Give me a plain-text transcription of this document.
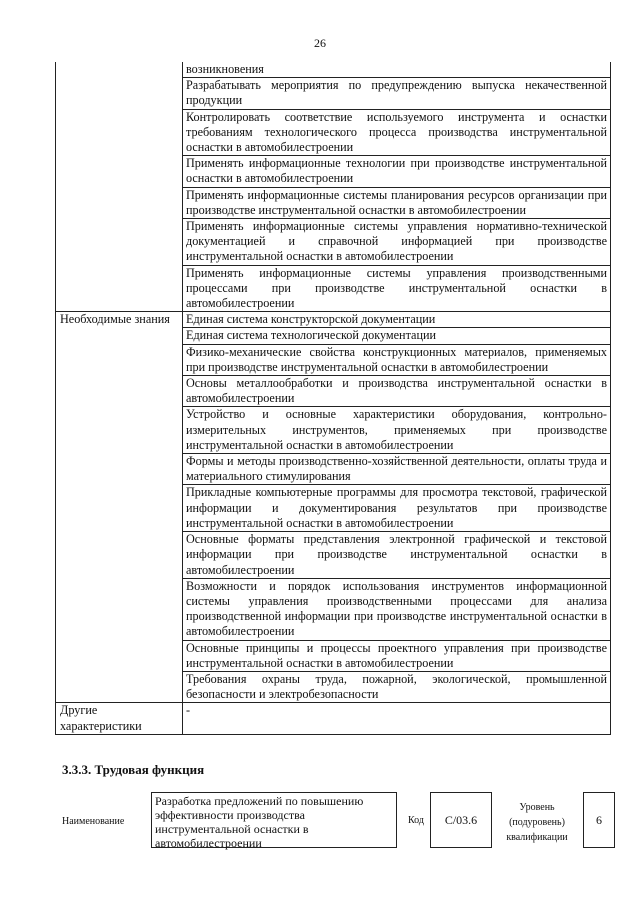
26
	возникновения
	Разрабатывать мероприятия по предупреждению выпуска некачественной продукции
	Контролировать соответствие используемого инструмента и оснастки требованиям технологического процесса производства инструментальной оснастки в автомобилестроении
	Применять информационные технологии при производстве инструментальной оснастки в автомобилестроении
	Применять информационные системы планирования ресурсов организации при производстве инструментальной оснастки в автомобилестроении
	Применять информационные системы управления нормативно-технической документацией и справочной информацией при производстве инструментальной оснастки в автомобилестроении
	Применять информационные системы управления производственными процессами при производстве инструментальной оснастки в автомобилестроении
Необходимые знания	Единая система конструкторской документации
	Единая система технологической документации
	Физико-механические свойства конструкционных материалов, применяемых при производстве инструментальной оснастки в автомобилестроении
	Основы металлообработки и производства инструментальной оснастки в автомобилестроении
	Устройство и основные характеристики оборудования, контрольно-измерительных инструментов, применяемых при производстве инструментальной оснастки в автомобилестроении
	Формы и методы производственно-хозяйственной деятельности, оплаты труда и материального стимулирования
	Прикладные компьютерные программы для просмотра текстовой, графической информации и документирования результатов при производстве инструментальной оснастки в автомобилестроении
	Основные форматы представления электронной графической и текстовой информации при производстве инструментальной оснастки в автомобилестроении
	Возможности и порядок использования инструментов информационной системы управления производственными процессами для анализа производственной информации при производстве инструментальной оснастки в автомобилестроении
	Основные принципы и процессы проектного управления при производстве инструментальной оснастки в автомобилестроении
	Требования охраны труда, пожарной, экологической, промышленной безопасности и электробезопасности
Другие характеристики	-
3.3.3. Трудовая функция
Наименование
Разработка предложений по повышению эффективности производства инструментальной оснастки в автомобилестроении
Код C/03.6
Уровень
(подуровень)
квалификации
6
